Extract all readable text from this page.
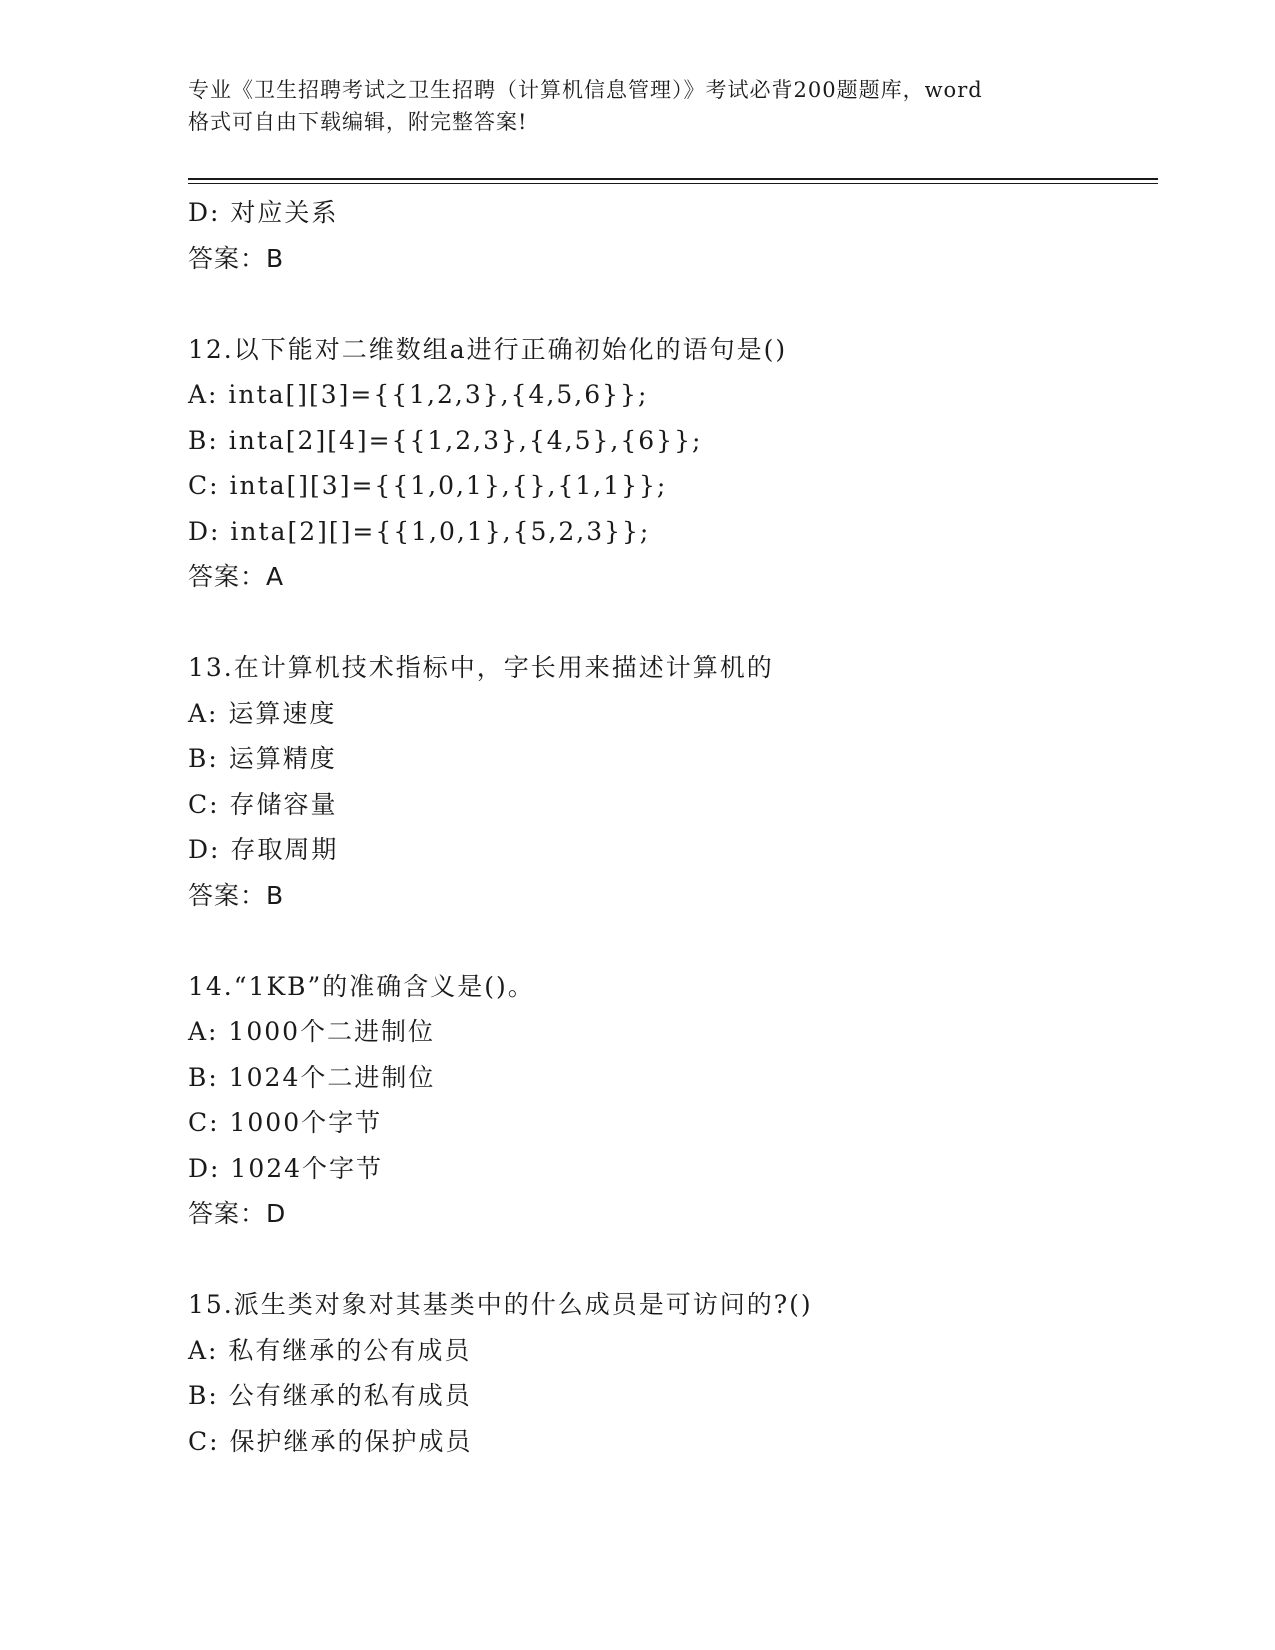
专业《卫生招聘考试之卫生招聘（计算机信息管理）》考试必背200题题库，word
格式可自由下载编辑，附完整答案!
D: 对应关系
答案：B
12.以下能对二维数组a进行正确初始化的语句是()
A: inta[][3]={{1,2,3},{4,5,6}};
B: inta[2][4]={{1,2,3},{4,5},{6}};
C: inta[][3]={{1,0,1},{},{1,1}};
D: inta[2][]={{1,0,1},{5,2,3}};
答案：A
13.在计算机技术指标中，字长用来描述计算机的
A: 运算速度
B: 运算精度
C: 存储容量
D: 存取周期
答案：B
14.“1KB”的准确含义是()。
A: 1000个二进制位
B: 1024个二进制位
C: 1000个字节
D: 1024个字节
答案：D
15.派生类对象对其基类中的什么成员是可访问的?()
A: 私有继承的公有成员
B: 公有继承的私有成员
C: 保护继承的保护成员
